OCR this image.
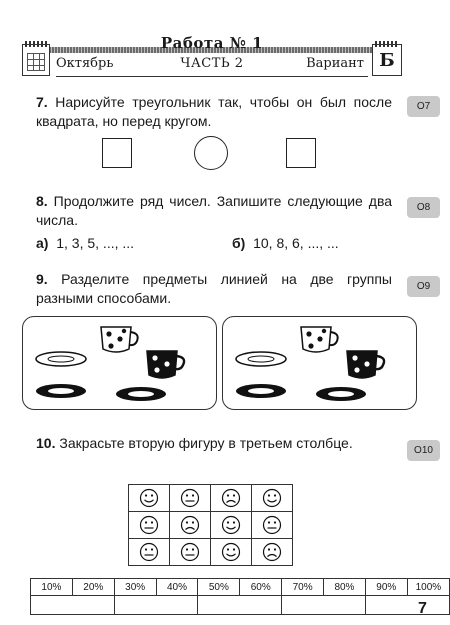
Работа № 1
Октябрь	ЧАСТЬ 2	Вариант Б
7. Нарисуйте треугольник так, чтобы он был после квадрата, но перед кругом.
О7
8. Продолжите ряд чисел. Запишите следующие два числа.
О8
а) 1, 3, 5, ..., ...	б) 10, 8, 6, ..., ...
9. Разделите предметы линией на две группы разными способами.
О9
10. Закрасьте вторую фигуру в третьем столбце.	О10

10%	20%	30%	40%	50%	60%	70%	80%	90%	100%

7
